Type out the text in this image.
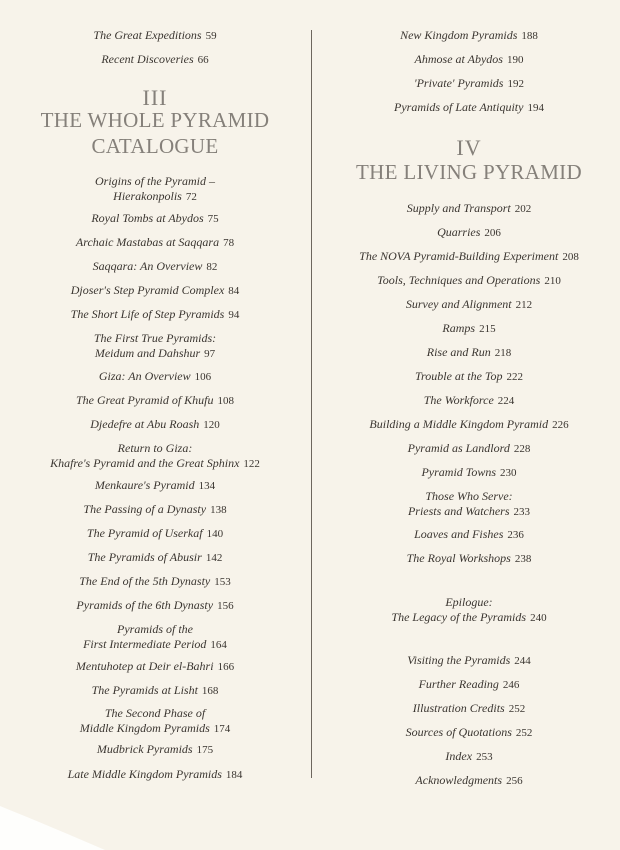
The Great Expeditions 59
Recent Discoveries 66
III
THE WHOLE PYRAMID
CATALOGUE
Origins of the Pyramid –
Hierakonpolis 72
Royal Tombs at Abydos 75
Archaic Mastabas at Saqqara 78
Saqqara: An Overview 82
Djoser's Step Pyramid Complex 84
The Short Life of Step Pyramids 94
The First True Pyramids:
Meidum and Dahshur 97
Giza: An Overview 106
The Great Pyramid of Khufu 108
Djedefre at Abu Roash 120
Return to Giza:
Khafre's Pyramid and the Great Sphinx 122
Menkaure's Pyramid 134
The Passing of a Dynasty 138
The Pyramid of Userkaf 140
The Pyramids of Abusir 142
The End of the 5th Dynasty 153
Pyramids of the 6th Dynasty 156
Pyramids of the
First Intermediate Period 164
Mentuhotep at Deir el-Bahri 166
The Pyramids at Lisht 168
The Second Phase of
Middle Kingdom Pyramids 174
Mudbrick Pyramids 175
Late Middle Kingdom Pyramids 184
New Kingdom Pyramids 188
Ahmose at Abydos 190
'Private' Pyramids 192
Pyramids of Late Antiquity 194
IV
THE LIVING PYRAMID
Supply and Transport 202
Quarries 206
The NOVA Pyramid-Building Experiment 208
Tools, Techniques and Operations 210
Survey and Alignment 212
Ramps 215
Rise and Run 218
Trouble at the Top 222
The Workforce 224
Building a Middle Kingdom Pyramid 226
Pyramid as Landlord 228
Pyramid Towns 230
Those Who Serve:
Priests and Watchers 233
Loaves and Fishes 236
The Royal Workshops 238
Epilogue:
The Legacy of the Pyramids 240
Visiting the Pyramids 244
Further Reading 246
Illustration Credits 252
Sources of Quotations 252
Index 253
Acknowledgments 256
